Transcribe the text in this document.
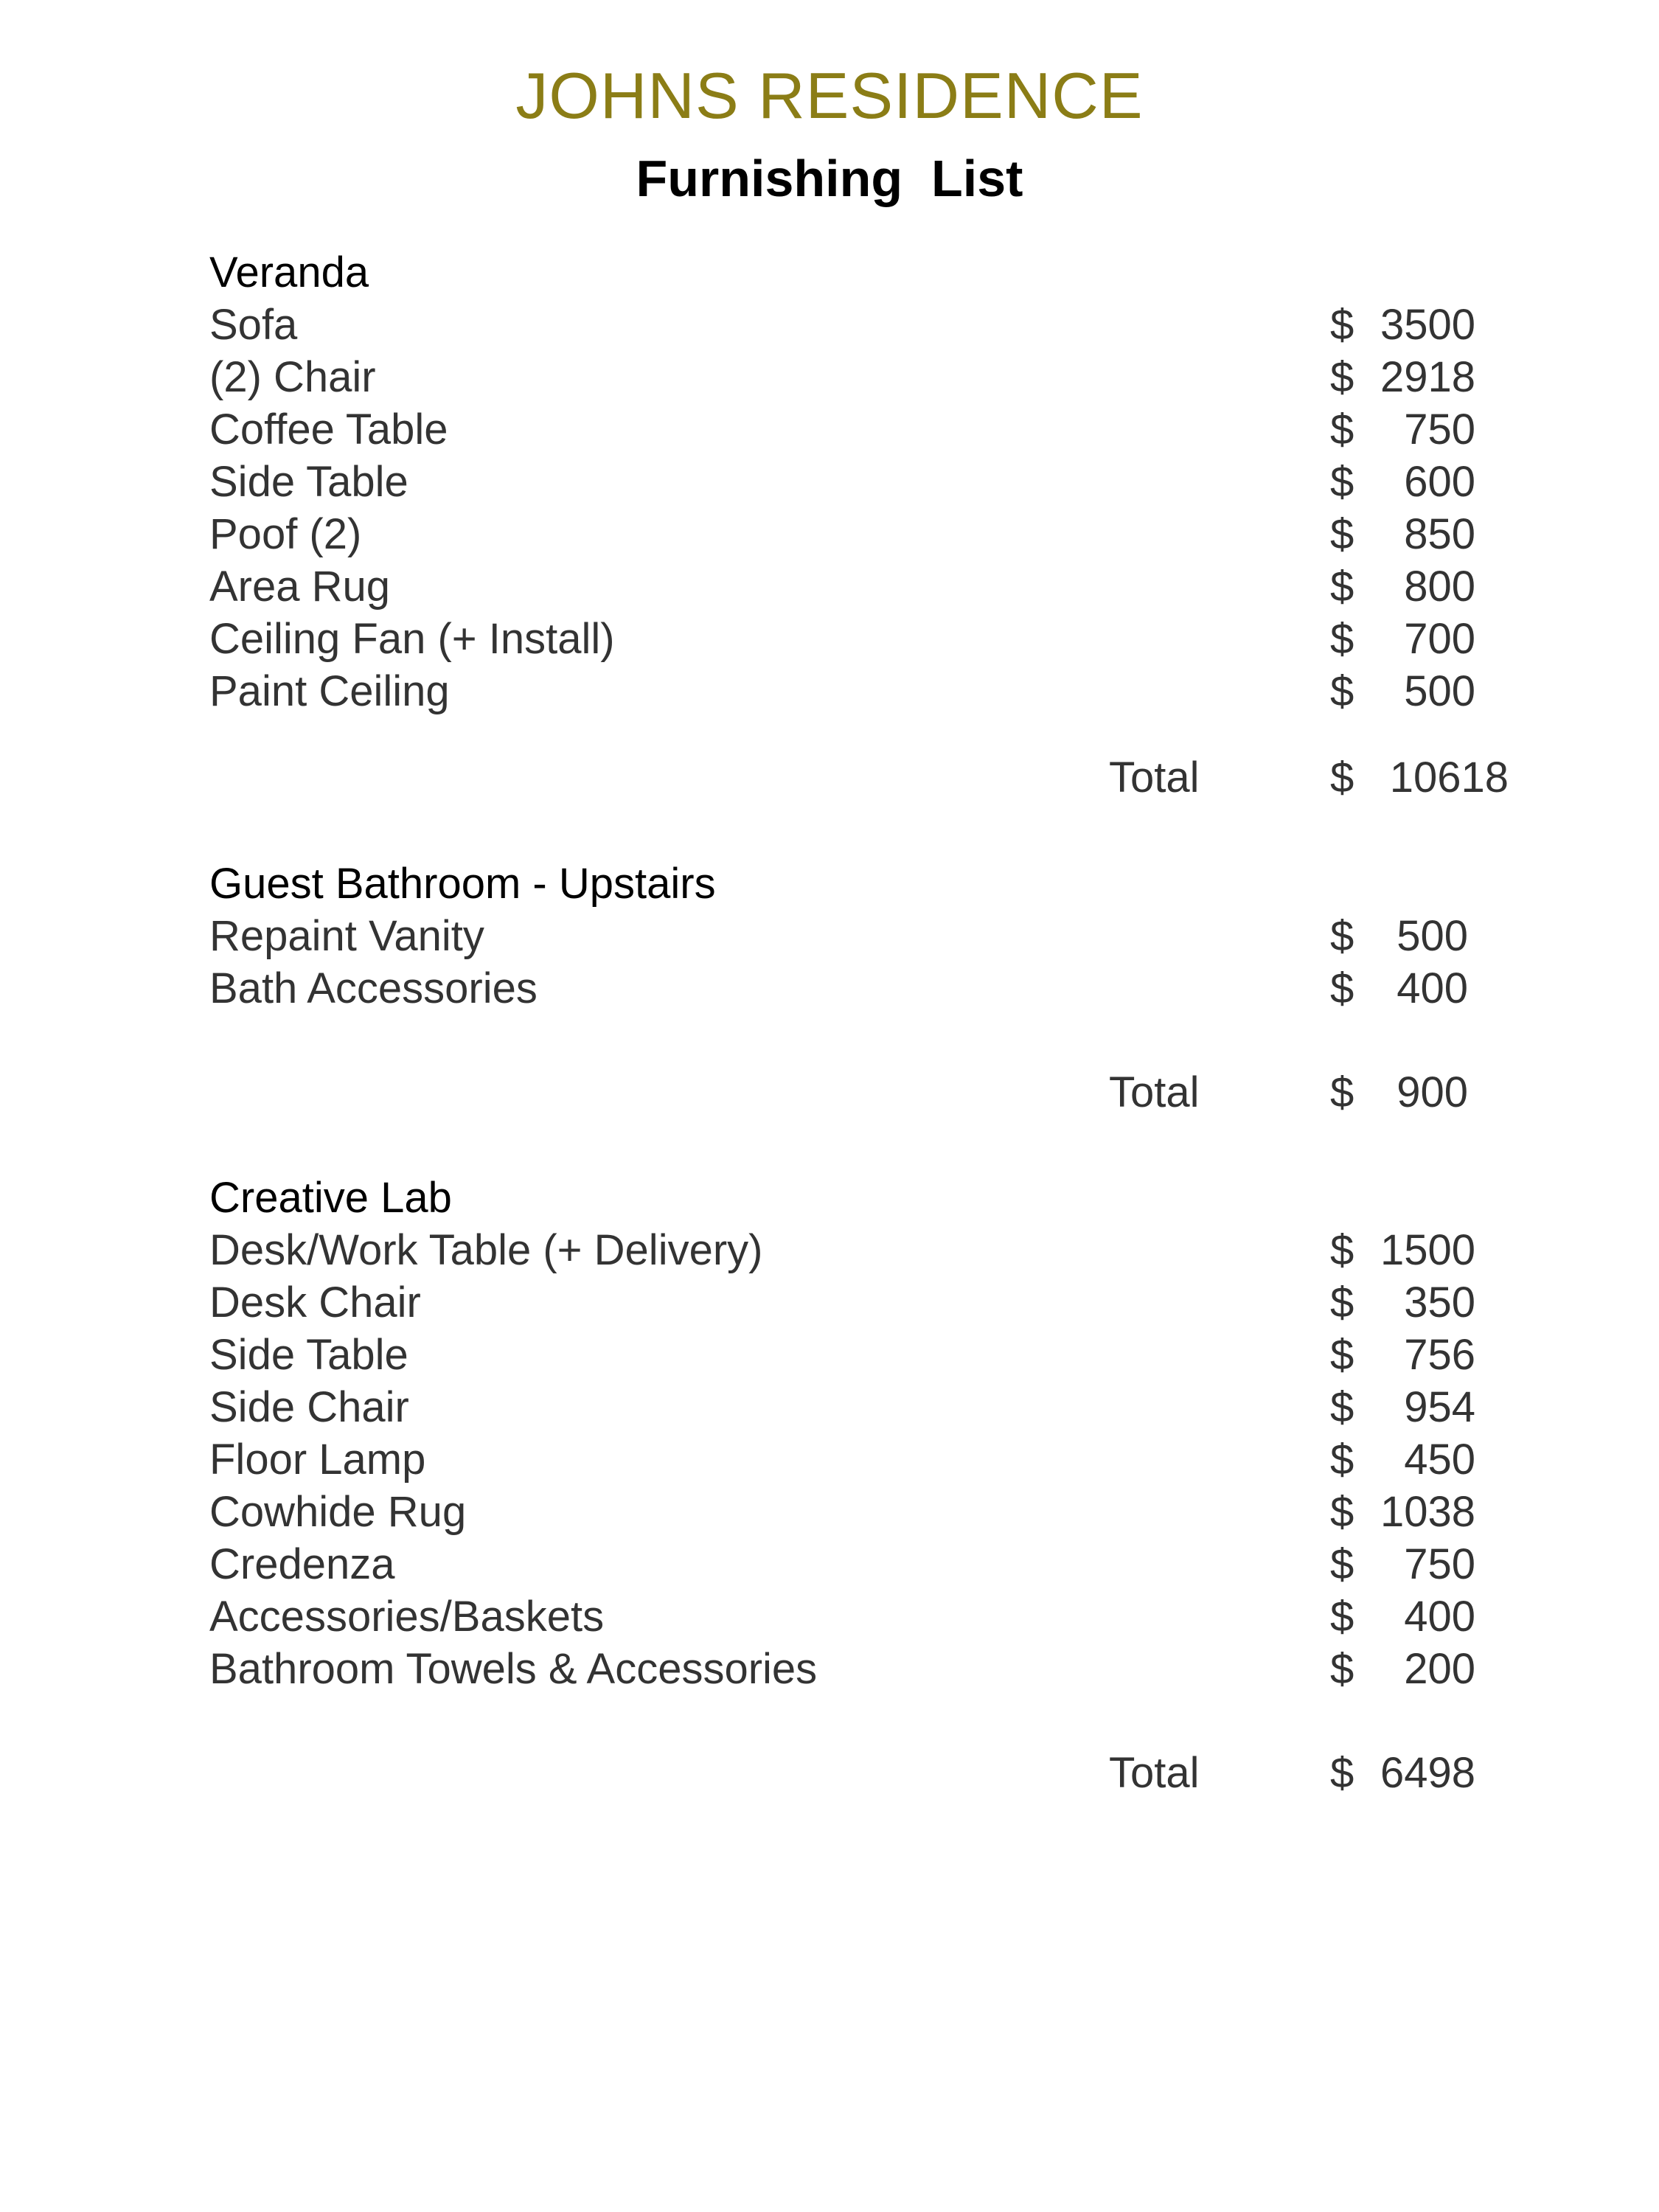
JOHNS RESIDENCE
Furnishing  List
Veranda
Sofa	$ 3500
(2) Chair	$ 2918
Coffee Table	$	750
Side Table	$	600
Poof (2)	$	850
Area Rug	$	800
Ceiling Fan (+ Install)	$	700
Paint Ceiling	$	500
Total	$ 10618
Guest Bathroom - Upstairs
Repaint Vanity	$ 500
Bath Accessories	$ 400
Total	$ 900
Creative Lab
Desk/Work Table (+ Delivery)	$ 1500
Desk Chair	$	350
Side Table	$	756
Side Chair	$	954
Floor Lamp	$	450
Cowhide Rug	$ 1038
Credenza	$	750
Accessories/Baskets	$	400
Bathroom Towels & Accessories	$	200
Total	$ 6498
